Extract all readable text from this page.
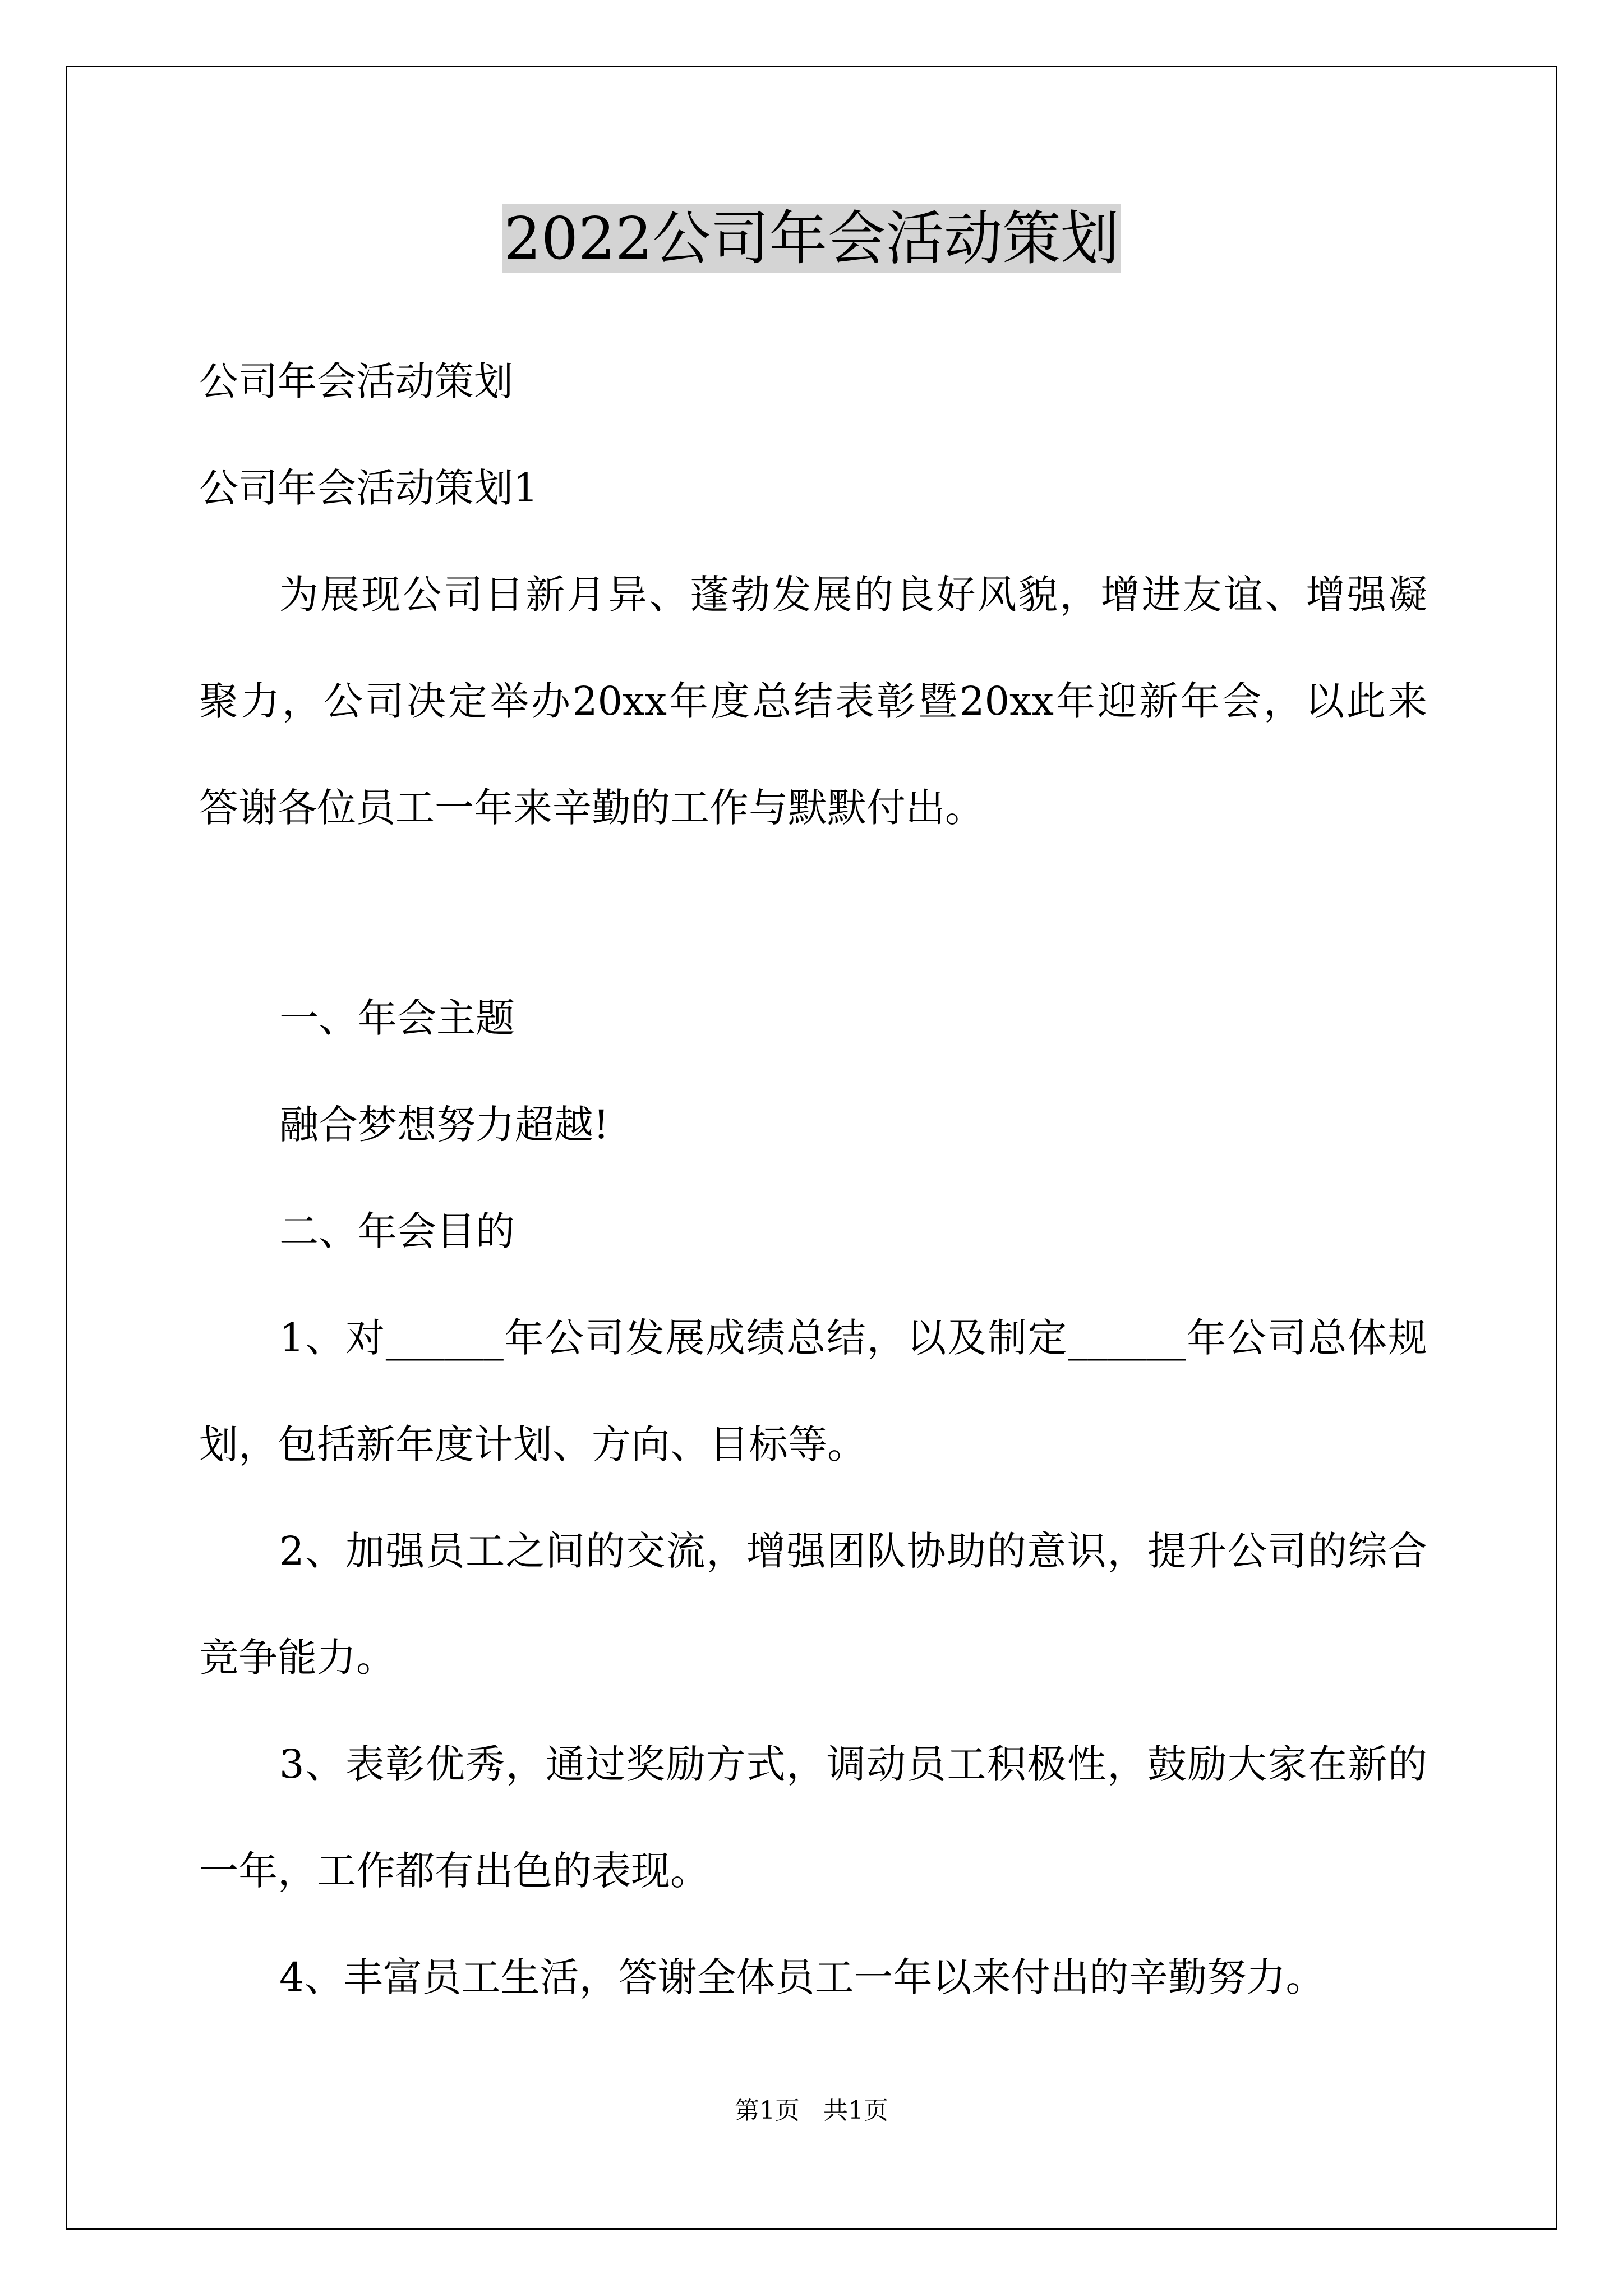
2022公司年会活动策划
公司年会活动策划
公司年会活动策划1
为展现公司日新月异、蓬勃发展的良好风貌，增进友谊、增强凝
聚力，公司决定举办20xx年度总结表彰暨20xx年迎新年会，以此来
答谢各位员工一年来辛勤的工作与默默付出。
一、年会主题
融合梦想努力超越!
二、年会目的
1、对______年公司发展成绩总结，以及制定______年公司总体规
划，包括新年度计划、方向、目标等。
2、加强员工之间的交流，增强团队协助的意识，提升公司的综合
竞争能力。
3、表彰优秀，通过奖励方式，调动员工积极性，鼓励大家在新的
一年，工作都有出色的表现。
4、丰富员工生活，答谢全体员工一年以来付出的辛勤努力。
第1页   共1页
